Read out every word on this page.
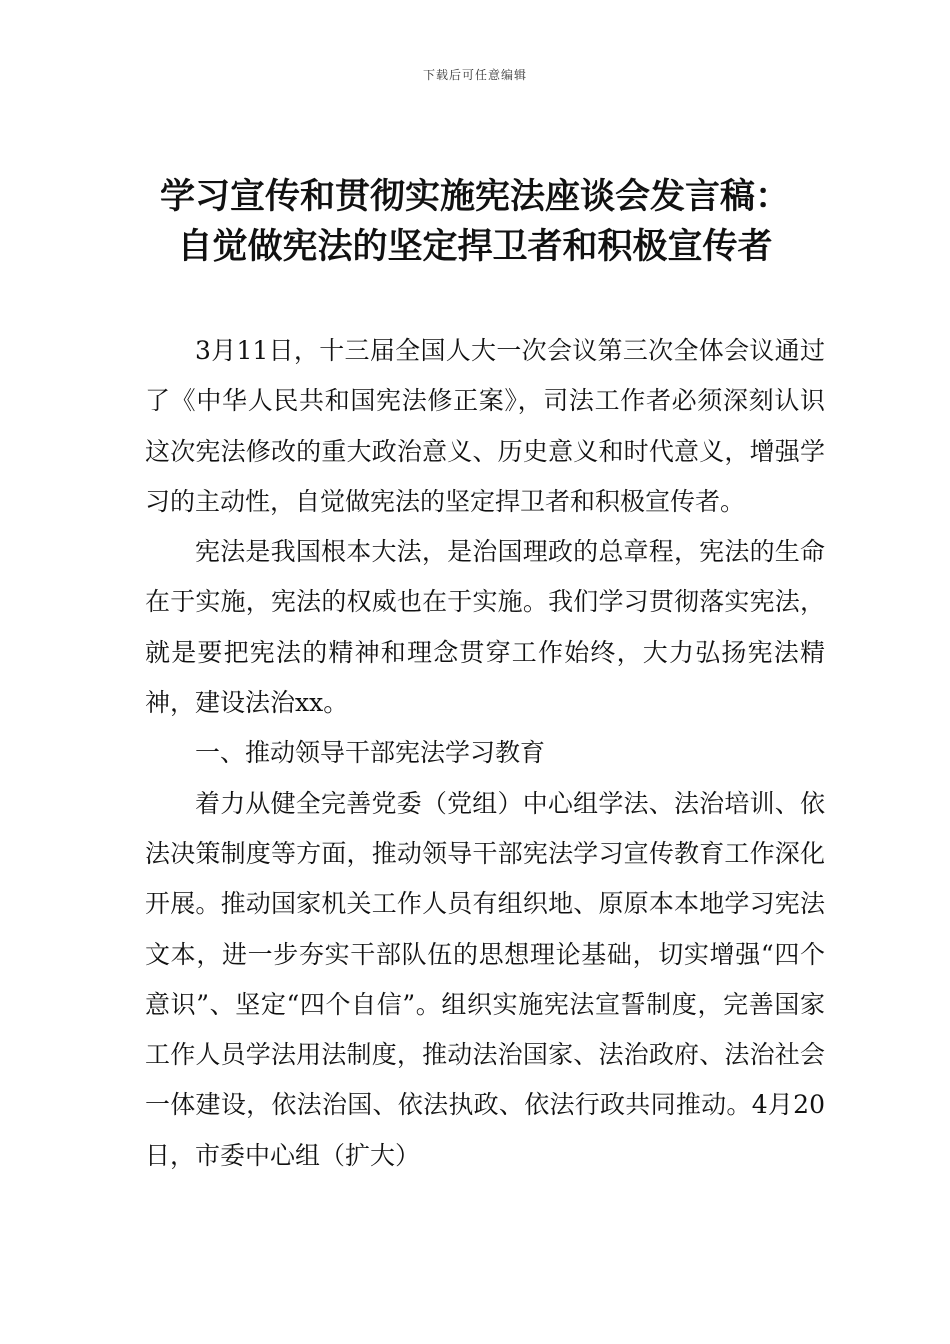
下载后可任意编辑
学习宣传和贯彻实施宪法座谈会发言稿：
自觉做宪法的坚定捍卫者和积极宣传者

3月11日，十三届全国人大一次会议第三次全体会议通过了《中华人民共和国宪法修正案》，司法工作者必须深刻认识这次宪法修改的重大政治意义、历史意义和时代意义，增强学习的主动性，自觉做宪法的坚定捍卫者和积极宣传者。

宪法是我国根本大法，是治国理政的总章程，宪法的生命在于实施，宪法的权威也在于实施。我们学习贯彻落实宪法，就是要把宪法的精神和理念贯穿工作始终，大力弘扬宪法精神，建设法治xx。

一、推动领导干部宪法学习教育

着力从健全完善党委（党组）中心组学法、法治培训、依法决策制度等方面，推动领导干部宪法学习宣传教育工作深化开展。推动国家机关工作人员有组织地、原原本本地学习宪法文本，进一步夯实干部队伍的思想理论基础，切实增强“四个意识”、坚定“四个自信”。组织实施宪法宣誓制度，完善国家工作人员学法用法制度，推动法治国家、法治政府、法治社会一体建设，依法治国、依法执政、依法行政共同推动。4月20日，市委中心组（扩大）
